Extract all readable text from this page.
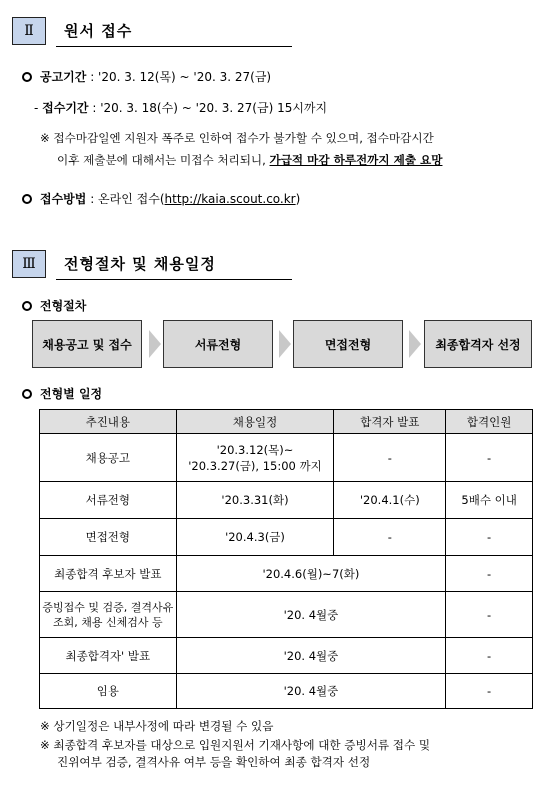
Ⅱ	원서 접수
공고기간 : '20. 3. 12(목) ~ '20. 3. 27(금)
- 접수기간 : '20. 3. 18(수) ~ '20. 3. 27(금) 15시까지
※ 접수마감일엔 지원자 폭주로 인하여 접수가 불가할 수 있으며, 접수마감시간
이후 제출분에 대해서는 미접수 처리되니, 가급적 마감 하루전까지 제출 요망
접수방법 : 온라인 접수(http://kaia.scout.co.kr)
Ⅲ	전형절차 및 채용일정
전형절차
채용공고 및 접수	서류전형	면접전형	최종합격자 선정
전형별 일정
추진내용	채용일정	합격자 발표	합격인원
채용공고	'20.3.12(목)~
'20.3.27(금), 15:00 까지	-	-
서류전형	'20.3.31(화)	'20.4.1(수)	5배수 이내
면접전형	'20.4.3(금)	-	-
최종합격 후보자 발표	'20.4.6(월)~7(화)		-

증빙접수 및 검증, 결격사유
조회, 채용 신체검사 등	'20. 4월중		-
최종합격자' 발표	'20. 4월중		-
임용	'20. 4월중		-
※ 상기일정은 내부사정에 따라 변경될 수 있음
※ 최종합격 후보자를 대상으로 입원지원서 기재사항에 대한 증빙서류 접수 및
진위여부 검증, 결격사유 여부 등을 확인하여 최종 합격자 선정
